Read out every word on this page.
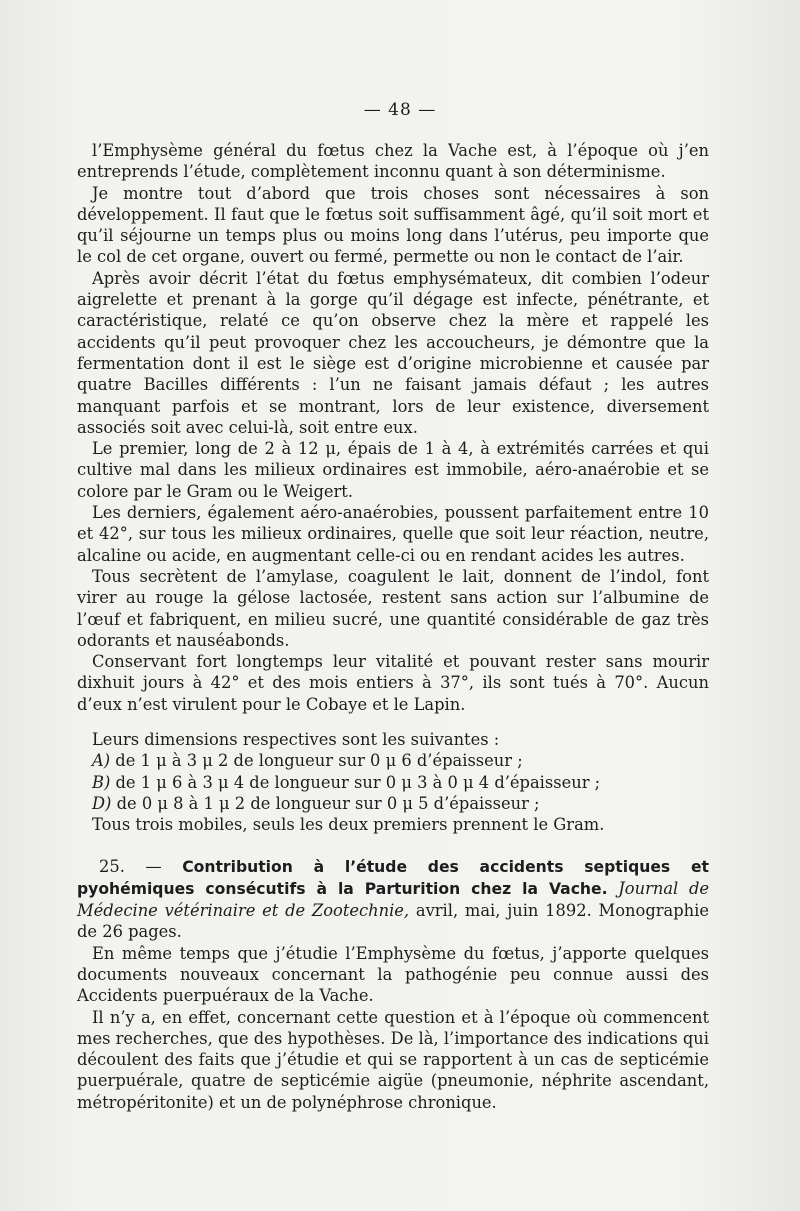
— 48 —

l’Emphysème général du fœtus chez la Vache est, à l’époque où j’en entreprends l’étude, complètement inconnu quant à son déterminisme.

Je montre tout d’abord que trois choses sont nécessaires à son développement. Il faut que le fœtus soit suffisamment âgé, qu’il soit mort et qu’il séjourne un temps plus ou moins long dans l’utérus, peu importe que le col de cet organe, ouvert ou fermé, permette ou non le contact de l’air.

Après avoir décrit l’état du fœtus emphysémateux, dit combien l’odeur aigrelette et prenant à la gorge qu’il dégage est infecte, pénétrante, et caractéristique, relaté ce qu’on observe chez la mère et rappelé les accidents qu’il peut provoquer chez les accoucheurs, je démontre que la fermentation dont il est le siège est d’origine microbienne et causée par quatre Bacilles différents : l’un ne faisant jamais défaut ; les autres manquant parfois et se montrant, lors de leur existence, diversement associés soit avec celui-là, soit entre eux.

Le premier, long de 2 à 12 μ, épais de 1 à 4, à extrémités carrées et qui cultive mal dans les milieux ordinaires est immobile, aéro-anaérobie et se colore par le Gram ou le Weigert.

Les derniers, également aéro-anaérobies, poussent parfaitement entre 10 et 42°, sur tous les milieux ordinaires, quelle que soit leur réaction, neutre, alcaline ou acide, en augmentant celle-ci ou en rendant acides les autres.

Tous secrètent de l’amylase, coagulent le lait, donnent de l’indol, font virer au rouge la gélose lactosée, restent sans action sur l’albumine de l’œuf et fabriquent, en milieu sucré, une quantité considérable de gaz très odorants et nauséabonds.

Conservant fort longtemps leur vitalité et pouvant rester sans mourir dixhuit jours à 42° et des mois entiers à 37°, ils sont tués à 70°. Aucun d’eux n’est virulent pour le Cobaye et le Lapin.

Leurs dimensions respectives sont les suivantes :

A) de 1 μ à 3 μ 2 de longueur sur 0 μ 6 d’épaisseur ;

B) de 1 μ 6 à 3 μ 4 de longueur sur 0 μ 3 à 0 μ 4 d’épaisseur ;

D) de 0 μ 8 à 1 μ 2 de longueur sur 0 μ 5 d’épaisseur ;

Tous trois mobiles, seuls les deux premiers prennent le Gram.

25. — Contribution à l’étude des accidents septiques et pyohémiques consécutifs à la Parturition chez la Vache. Journal de Médecine vétérinaire et de Zootechnie, avril, mai, juin 1892. Monographie de 26 pages.

En même temps que j’étudie l’Emphysème du fœtus, j’apporte quelques documents nouveaux concernant la pathogénie peu connue aussi des Accidents puerpuéraux de la Vache.

Il n’y a, en effet, concernant cette question et à l’époque où commencent mes recherches, que des hypothèses. De là, l’importance des indications qui découlent des faits que j’étudie et qui se rapportent à un cas de septicémie puerpuérale, quatre de septicémie aigüe (pneumonie, néphrite ascendant, métropéritonite) et un de polynéphrose chronique.
